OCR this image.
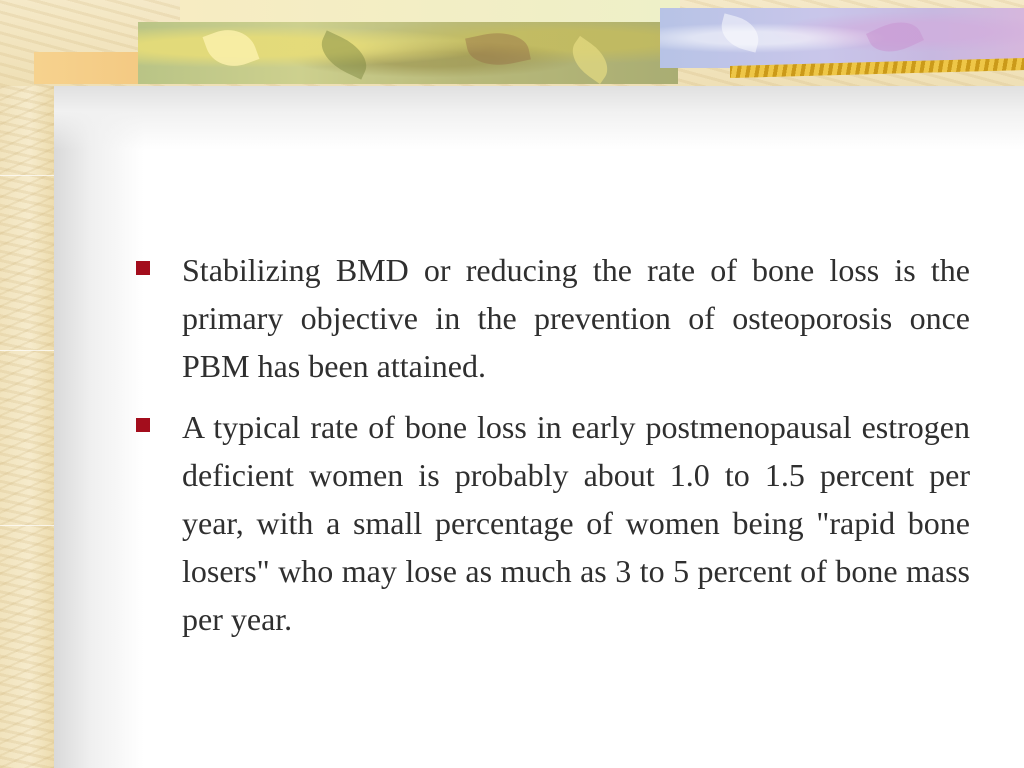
Stabilizing BMD or reducing the rate of bone loss is the primary objective in the prevention of osteoporosis once PBM has been attained.
A typical rate of bone loss in early postmenopausal estrogen deficient women is probably about 1.0 to 1.5 percent per year, with a small percentage of women being "rapid bone losers" who may lose as much as 3 to 5 percent of bone mass per year.
